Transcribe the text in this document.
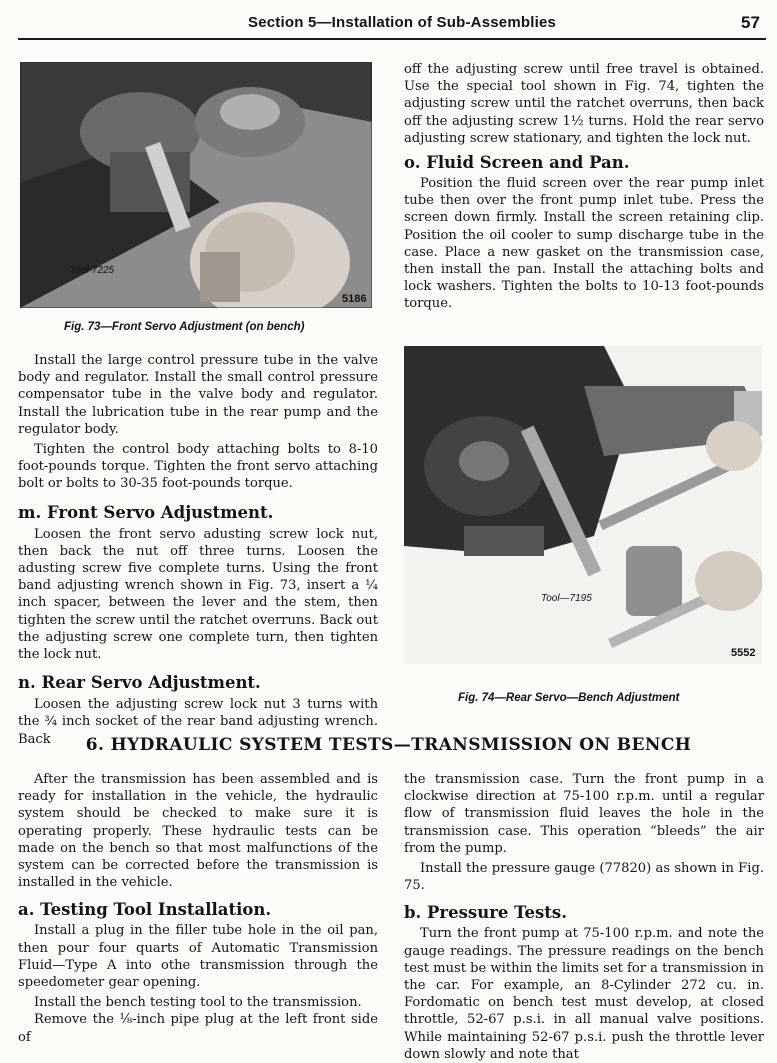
Section 5—Installation of Sub-Assemblies	57
Tool-7225
5186
Fig. 73—Front Servo Adjustment (on bench)

off the adjusting screw until free travel is obtained. Use the special tool shown in Fig. 74, tighten the adjusting screw until the ratchet overruns, then back off the adjusting screw 1½ turns. Hold the rear servo adjusting screw stationary, and tighten the lock nut.

o. Fluid Screen and Pan.

Position the fluid screen over the rear pump inlet tube then over the front pump inlet tube. Press the screen down firmly. Install the screen retaining clip. Position the oil cooler to sump discharge tube in the case. Place a new gasket on the transmission case, then install the pan. Install the attaching bolts and lock washers. Tighten the bolts to 10-13 foot-pounds torque.

Install the large control pressure tube in the valve body and regulator. Install the small control pressure compensator tube in the valve body and regulator. Install the lubrication tube in the rear pump and the regulator body.

Tighten the control body attaching bolts to 8-10 foot-pounds torque. Tighten the front servo attaching bolt or bolts to 30-35 foot-pounds torque.

m. Front Servo Adjustment.

Loosen the front servo adusting screw lock nut, then back the nut off three turns. Loosen the adusting screw five complete turns. Using the front band adjusting wrench shown in Fig. 73, insert a ¼ inch spacer, between the lever and the stem, then tighten the screw until the ratchet overruns. Back out the adjusting screw one complete turn, then tighten the lock nut.

n. Rear Servo Adjustment.

Loosen the adjusting screw lock nut 3 turns with the ¾ inch socket of the rear band adjusting wrench. Back

Tool—7195
5552
Fig. 74—Rear Servo—Bench Adjustment
6. HYDRAULIC SYSTEM TESTS—TRANSMISSION ON BENCH

After the transmission has been assembled and is ready for installation in the vehicle, the hydraulic system should be checked to make sure it is operating properly. These hydraulic tests can be made on the bench so that most malfunctions of the system can be corrected before the transmission is installed in the vehicle.

a. Testing Tool Installation.

Install a plug in the filler tube hole in the oil pan, then pour four quarts of Automatic Transmission Fluid—Type A into othe transmission through the speedometer gear opening.

Install the bench testing tool to the transmission.

Remove the ⅛-inch pipe plug at the left front side of

the transmission case. Turn the front pump in a clockwise direction at 75-100 r.p.m. until a regular flow of transmission fluid leaves the hole in the transmission case. This operation “bleeds” the air from the pump.

Install the pressure gauge (77820) as shown in Fig. 75.

b. Pressure Tests.

Turn the front pump at 75-100 r.p.m. and note the gauge readings. The pressure readings on the bench test must be within the limits set for a transmission in the car. For example, an 8-Cylinder 272 cu. in. Fordomatic on bench test must develop, at closed throttle, 52-67 p.s.i. in all manual valve positions. While maintaining 52-67 p.s.i. push the throttle lever down slowly and note that
